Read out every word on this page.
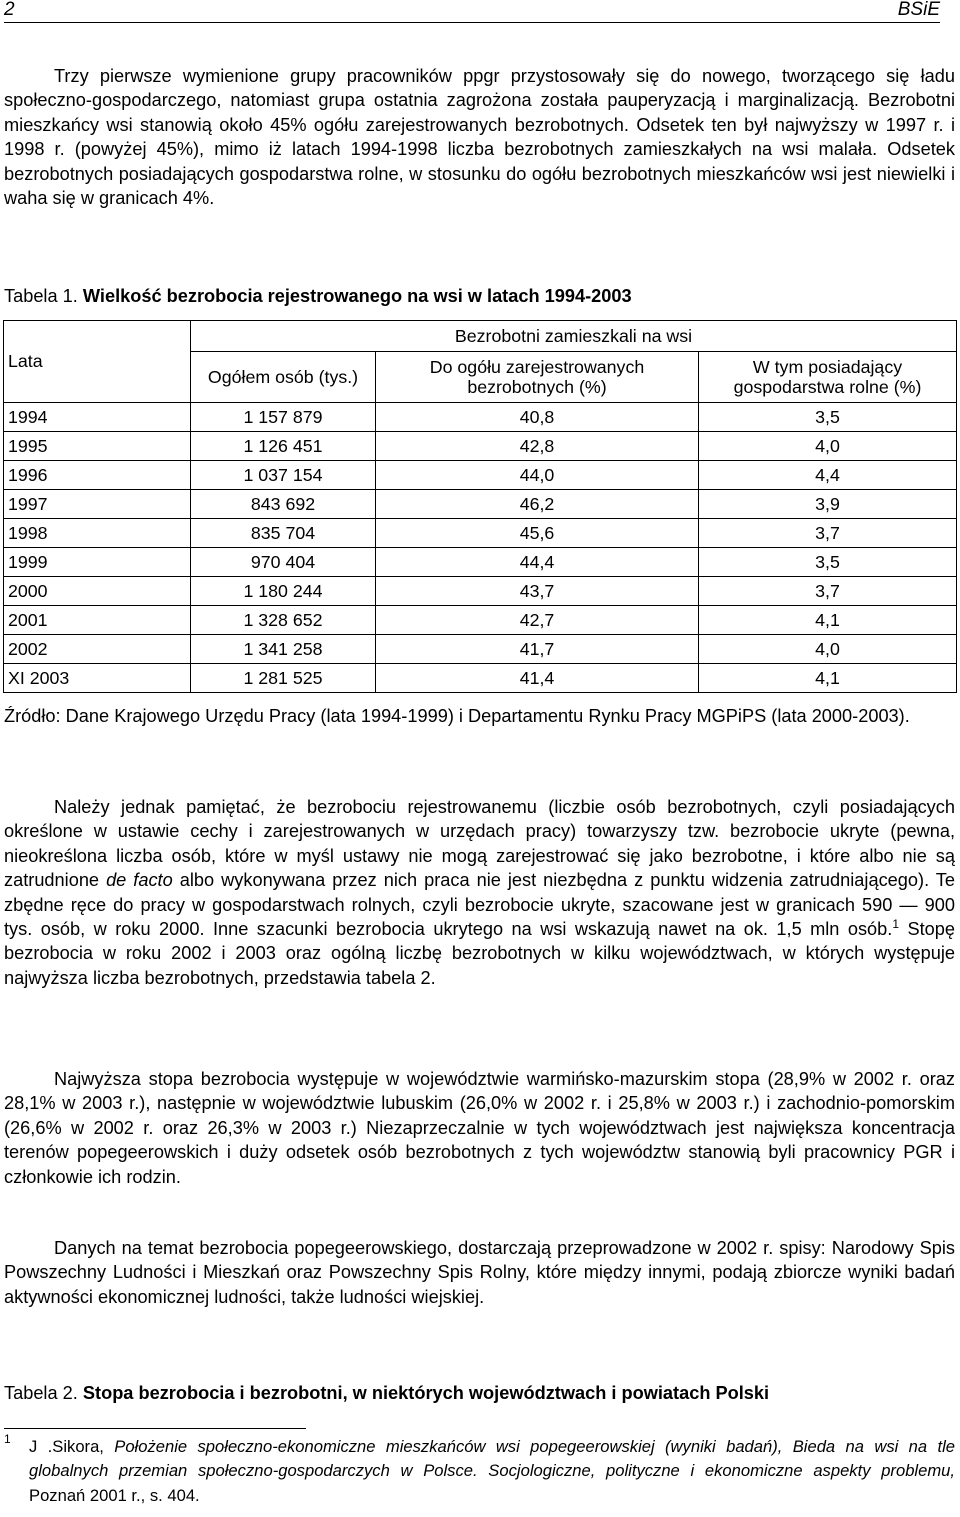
2	BSiE

Trzy pierwsze wymienione grupy pracowników ppgr przystosowały się do nowego, tworzącego się ładu społeczno-gospodarczego, natomiast grupa ostatnia zagrożona została pauperyzacją i marginalizacją. Bezrobotni mieszkańcy wsi stanowią około 45% ogółu zarejestrowanych bezrobotnych. Odsetek ten był najwyższy w 1997 r. i 1998 r. (powyżej 45%), mimo iż latach 1994-1998 liczba bezrobotnych zamieszkałych na wsi malała. Odsetek bezrobotnych posiadających gospodarstwa rolne, w stosunku do ogółu bezrobotnych mieszkańców wsi jest niewielki i waha się w granicach 4%.

Tabela 1. Wielkość bezrobocia rejestrowanego na wsi w latach 1994-2003
Lata	Bezrobotni zamieszkali na wsi		
	Ogółem osób (tys.)	Do ogółu zarejestrowanych bezrobotnych (%)	W tym posiadający gospodarstwa rolne (%)
1994	1 157 879	40,8	3,5
1995	1 126 451	42,8	4,0
1996	1 037 154	44,0	4,4
1997	843 692	46,2	3,9
1998	835 704	45,6	3,7
1999	970 404	44,4	3,5
2000	1 180 244	43,7	3,7
2001	1 328 652	42,7	4,1
2002	1 341 258	41,7	4,0
XI 2003	1 281 525	41,4	4,1

Źródło: Dane Krajowego Urzędu Pracy (lata 1994-1999) i Departamentu Rynku Pracy MGPiPS (lata 2000-2003).

Należy jednak pamiętać, że bezrobociu rejestrowanemu (liczbie osób bezrobotnych, czyli posiadających określone w ustawie cechy i zarejestrowanych w urzędach pracy) towarzyszy tzw. bezrobocie ukryte (pewna, nieokreślona liczba osób, które w myśl ustawy nie mogą zarejestrować się jako bezrobotne, i które albo nie są zatrudnione de facto albo wykonywana przez nich praca nie jest niezbędna z punktu widzenia zatrudniającego). Te zbędne ręce do pracy w gospodarstwach rolnych, czyli bezrobocie ukryte, szacowane jest w granicach 590 — 900 tys. osób, w roku 2000. Inne szacunki bezrobocia ukrytego na wsi wskazują nawet na ok. 1,5 mln osób.$^1$ Stopę bezrobocia w roku 2002 i 2003 oraz ogólną liczbę bezrobotnych w kilku województwach, w których występuje najwyższa liczba bezrobotnych, przedstawia tabela 2.

Najwyższa stopa bezrobocia występuje w województwie warmińsko-mazurskim stopa (28,9% w 2002 r. oraz 28,1% w 2003 r.), następnie w województwie lubuskim (26,0% w 2002 r. i 25,8% w 2003 r.) i zachodnio-pomorskim (26,6% w 2002 r. oraz 26,3% w 2003 r.) Niezaprzeczalnie w tych województwach jest największa koncentracja terenów popegeerowskich i duży odsetek osób bezrobotnych z tych województw stanowią byli pracownicy PGR i członkowie ich rodzin.

Danych na temat bezrobocia popegeerowskiego, dostarczają przeprowadzone w 2002 r. spisy: Narodowy Spis Powszechny Ludności i Mieszkań oraz Powszechny Spis Rolny, które między innymi, podają zbiorcze wyniki badań aktywności ekonomicznej ludności, także ludności wiejskiej.

Tabela 2. Stopa bezrobocia i bezrobotni, w niektórych województwach i powiatach Polski
1	J .Sikora, Położenie społeczno-ekonomiczne mieszkańców wsi popegeerowskiej (wyniki badań), Bieda na wsi na tle globalnych przemian społeczno-gospodarczych w Polsce. Socjologiczne, polityczne i ekonomiczne aspekty problemu, Poznań 2001 r., s. 404.
